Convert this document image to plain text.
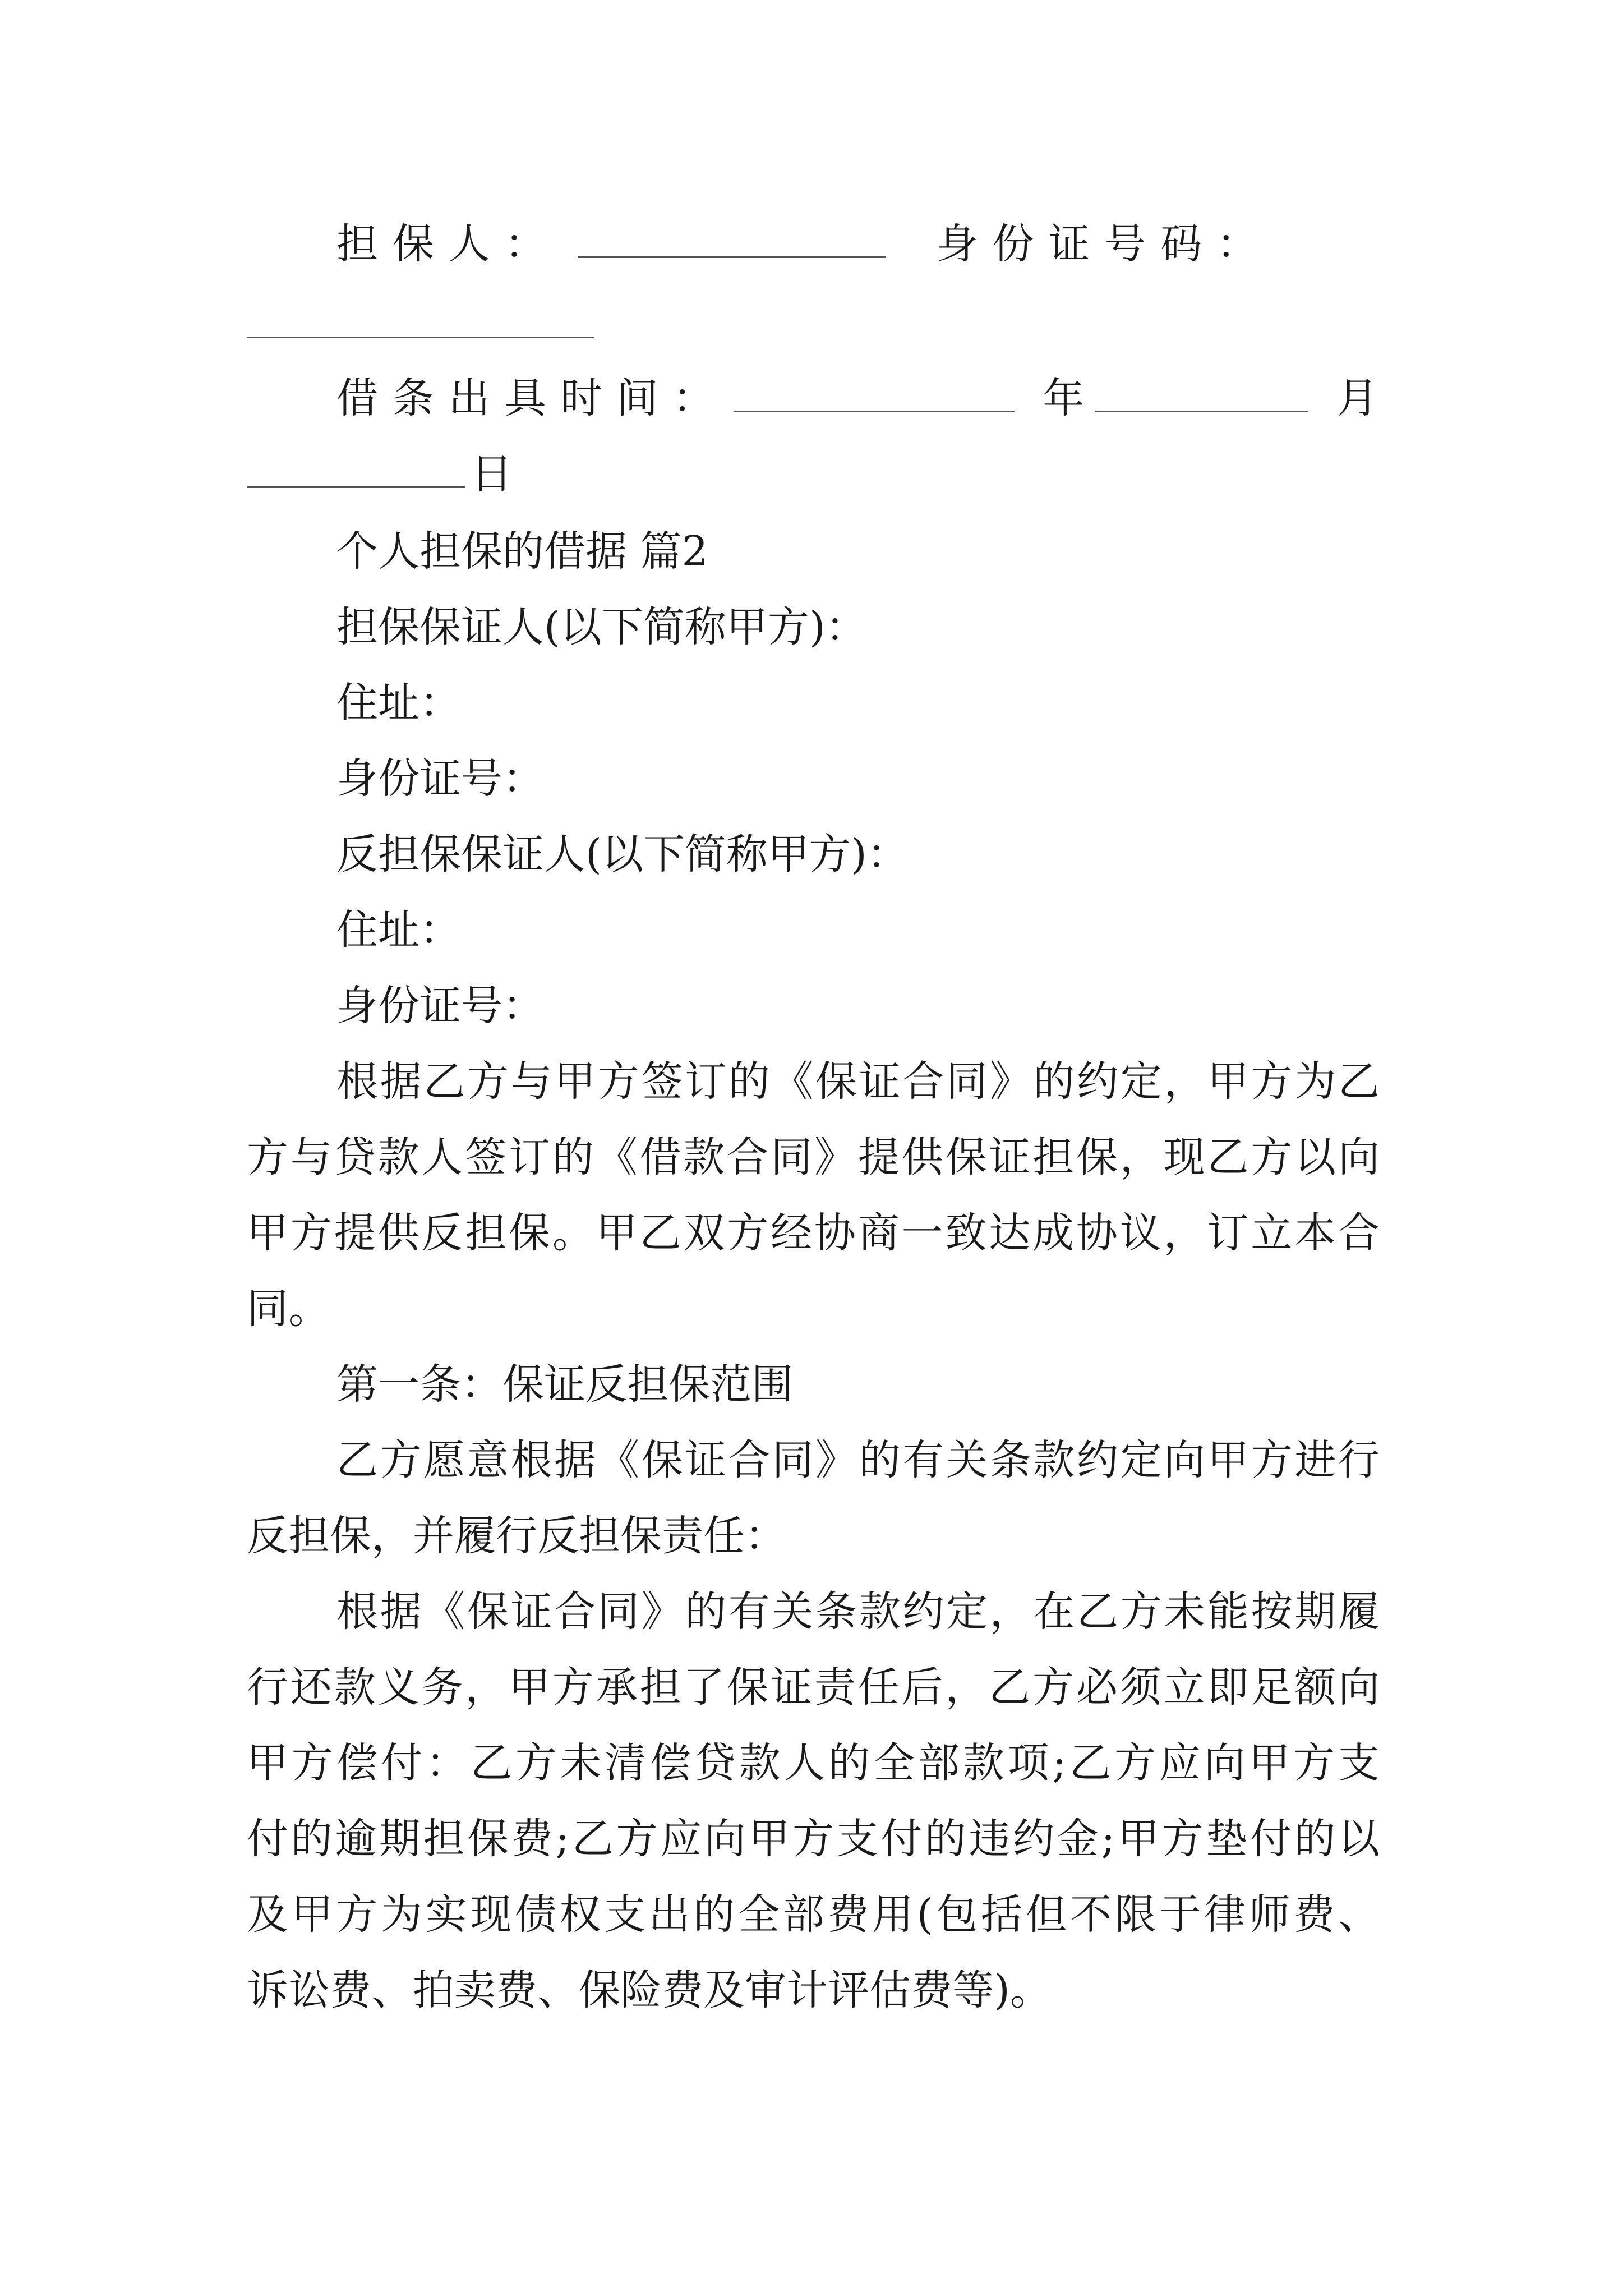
担保人：	身份证号码：
借条出具时间：	年	月
日
个人担保的借据 篇2
担保保证人(以下简称甲方)：
住址：
身份证号：
反担保保证人(以下简称甲方)：
住址：
身份证号：
根据乙方与甲方签订的《保证合同》的约定，甲方为乙
方与贷款人签订的《借款合同》提供保证担保，现乙方以向
甲方提供反担保。甲乙双方经协商一致达成协议，订立本合
同。
第一条：保证反担保范围
乙方愿意根据《保证合同》的有关条款约定向甲方进行
反担保，并履行反担保责任：
根据《保证合同》的有关条款约定，在乙方未能按期履
行还款义务，甲方承担了保证责任后，乙方必须立即足额向
甲方偿付：乙方未清偿贷款人的全部款项;乙方应向甲方支
付的逾期担保费;乙方应向甲方支付的违约金;甲方垫付的以
及甲方为实现债权支出的全部费用(包括但不限于律师费、
诉讼费、拍卖费、保险费及审计评估费等)。
